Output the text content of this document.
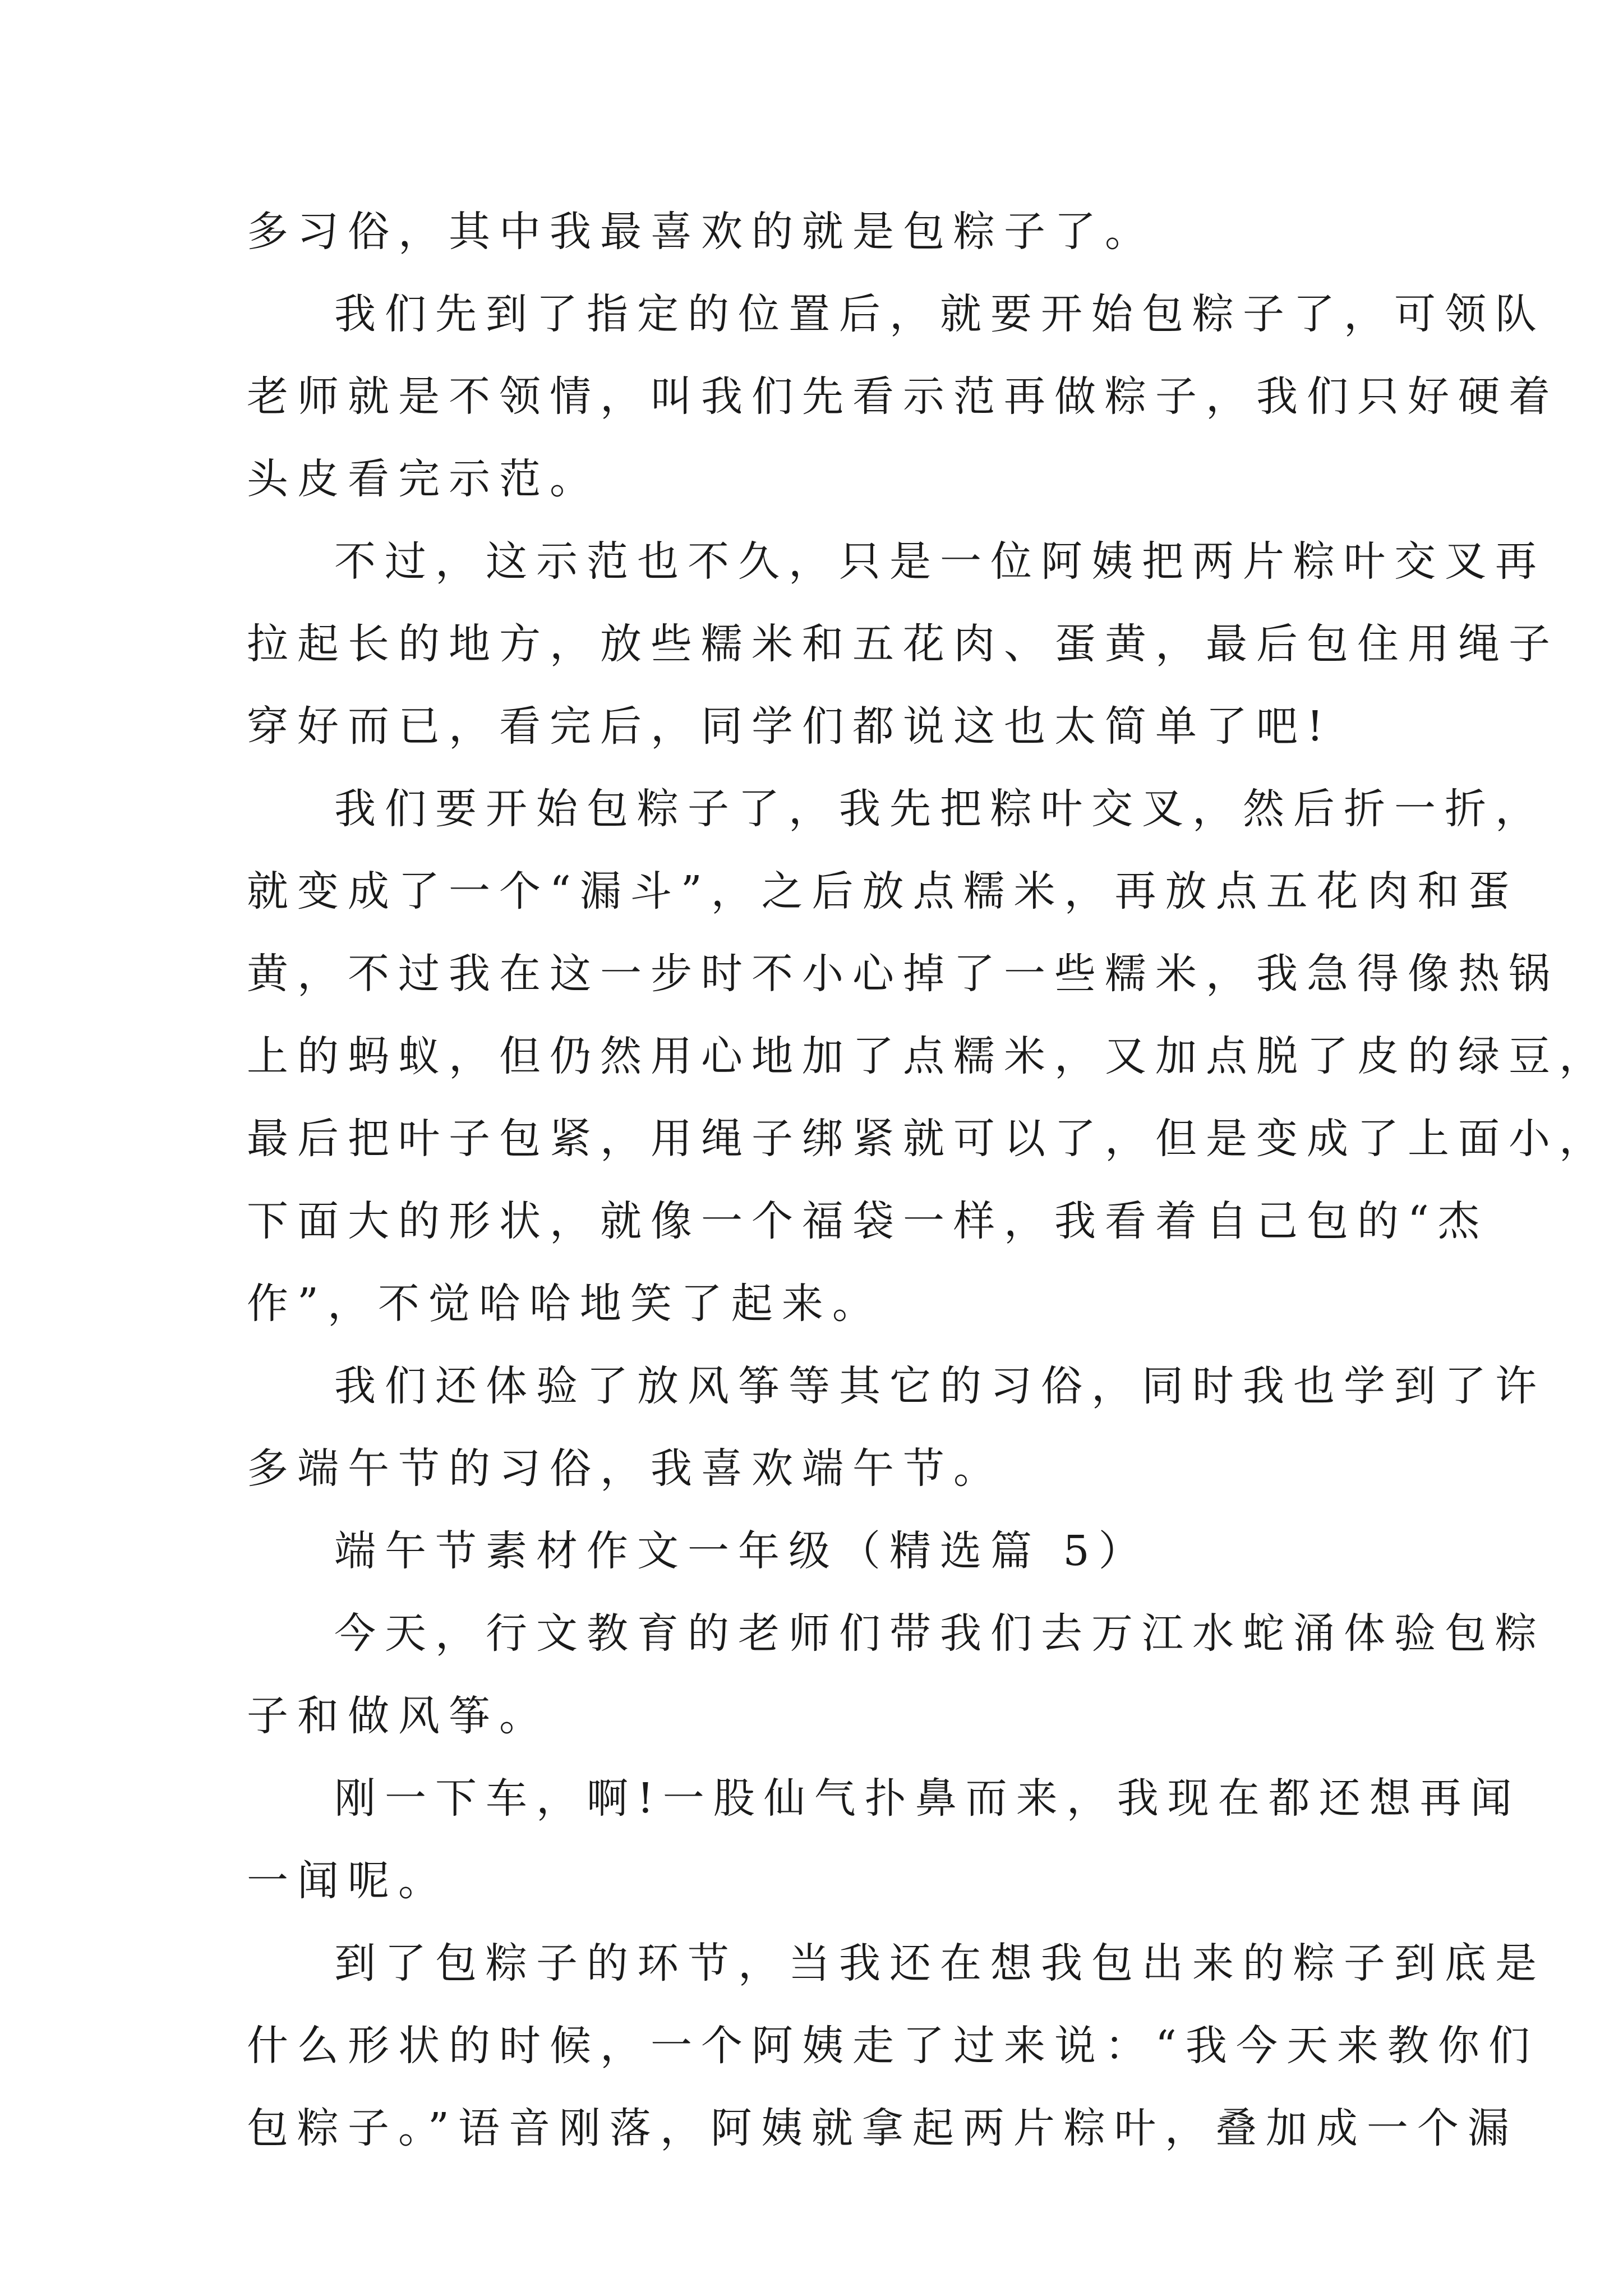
多习俗，其中我最喜欢的就是包粽子了。
我们先到了指定的位置后，就要开始包粽子了，可领队
老师就是不领情，叫我们先看示范再做粽子，我们只好硬着
头皮看完示范。
不过，这示范也不久，只是一位阿姨把两片粽叶交叉再
拉起长的地方，放些糯米和五花肉、蛋黄，最后包住用绳子
穿好而已，看完后，同学们都说这也太简单了吧!
我们要开始包粽子了，我先把粽叶交叉，然后折一折，
就变成了一个“漏斗”，之后放点糯米，再放点五花肉和蛋
黄，不过我在这一步时不小心掉了一些糯米，我急得像热锅
上的蚂蚁，但仍然用心地加了点糯米，又加点脱了皮的绿豆，
最后把叶子包紧，用绳子绑紧就可以了，但是变成了上面小，
下面大的形状，就像一个福袋一样，我看着自己包的“杰
作”，不觉哈哈地笑了起来。
我们还体验了放风筝等其它的习俗，同时我也学到了许
多端午节的习俗，我喜欢端午节。
端午节素材作文一年级（精选篇 5）
今天，行文教育的老师们带我们去万江水蛇涌体验包粽
子和做风筝。
刚一下车，啊!一股仙气扑鼻而来，我现在都还想再闻
一闻呢。
到了包粽子的环节，当我还在想我包出来的粽子到底是
什么形状的时候，一个阿姨走了过来说：“我今天来教你们
包粽子。”语音刚落，阿姨就拿起两片粽叶，叠加成一个漏
